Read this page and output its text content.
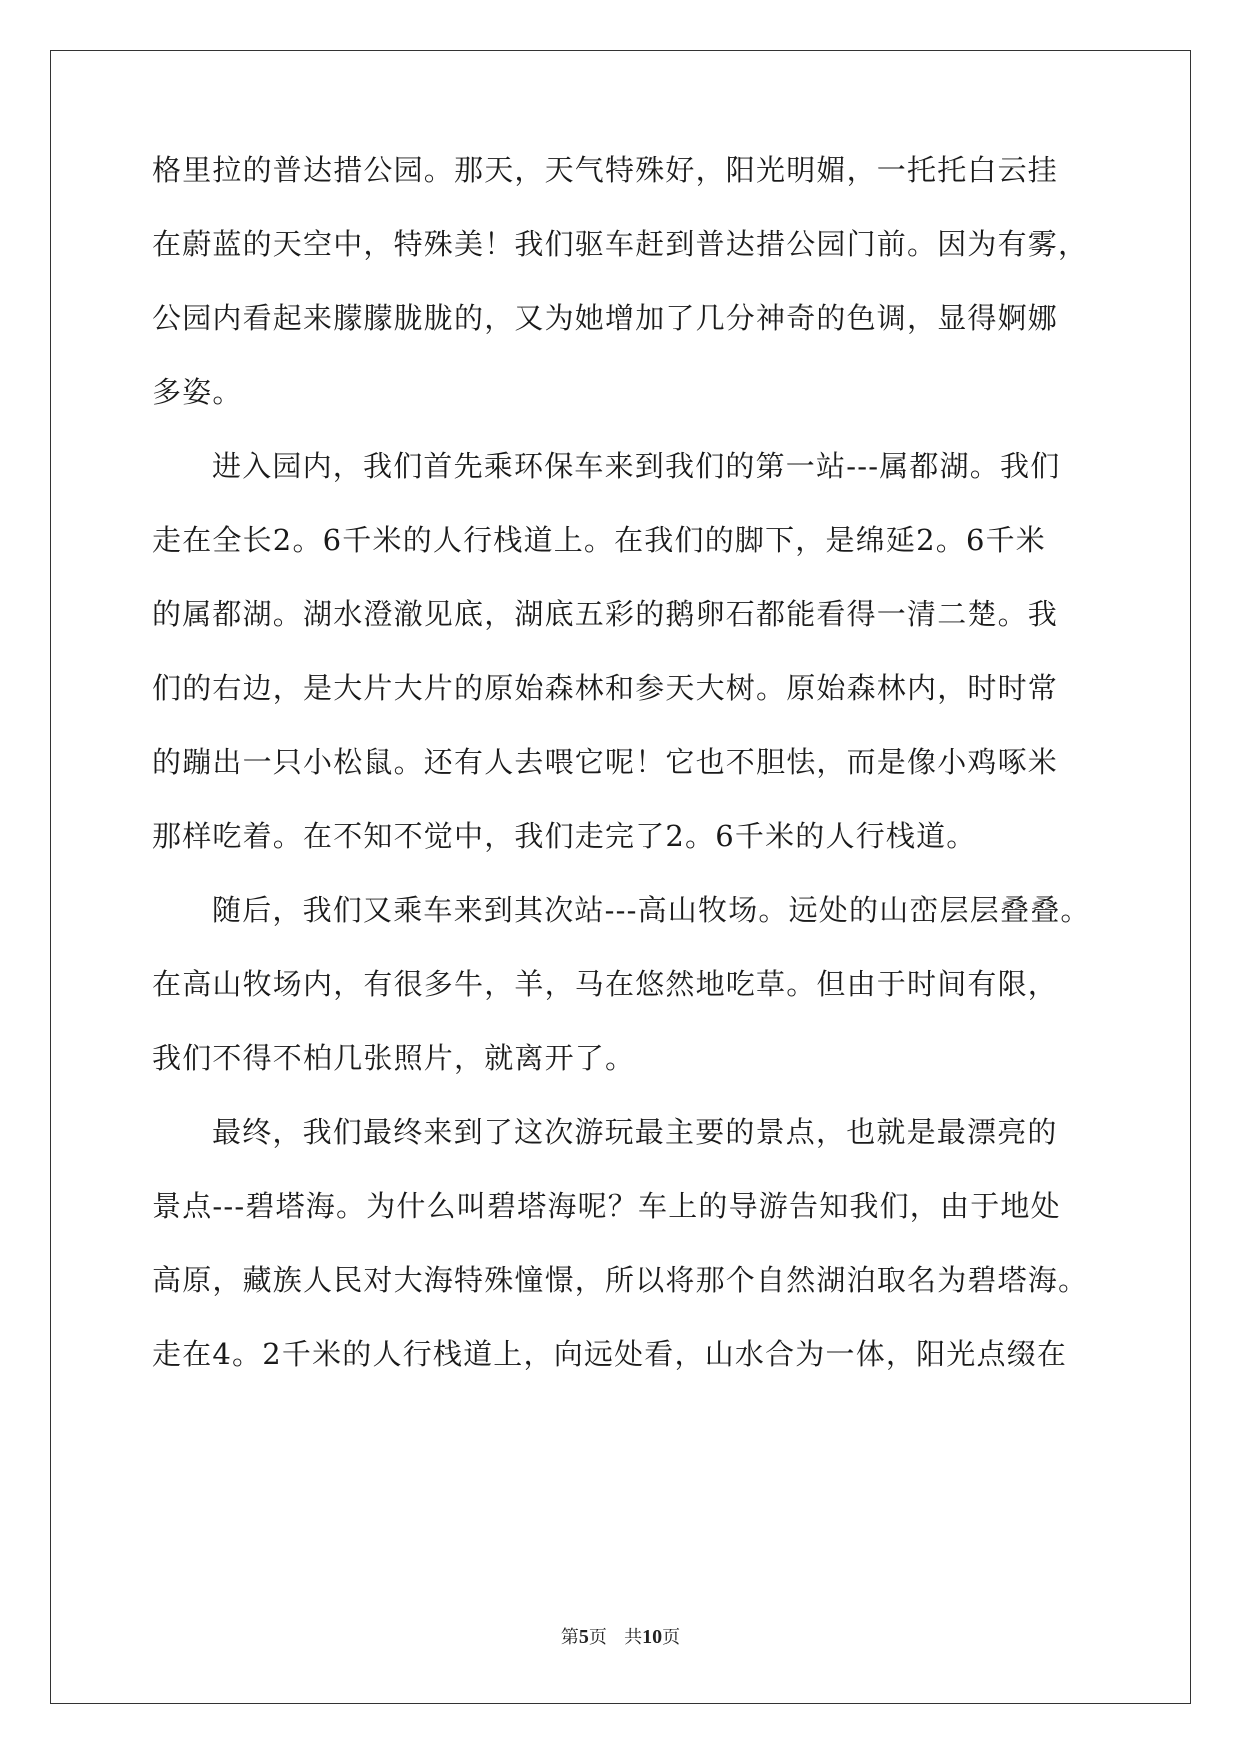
格里拉的普达措公园。那天，天气特殊好，阳光明媚，一托托白云挂
在蔚蓝的天空中，特殊美！我们驱车赶到普达措公园门前。因为有雾，
公园内看起来朦朦胧胧的，又为她增加了几分神奇的色调，显得婀娜
多姿。
进入园内，我们首先乘环保车来到我们的第一站---属都湖。我们
走在全长2。6千米的人行栈道上。在我们的脚下，是绵延2。6千米
的属都湖。湖水澄澈见底，湖底五彩的鹅卵石都能看得一清二楚。我
们的右边，是大片大片的原始森林和参天大树。原始森林内，时时常
的蹦出一只小松鼠。还有人去喂它呢！它也不胆怯，而是像小鸡啄米
那样吃着。在不知不觉中，我们走完了2。6千米的人行栈道。
随后，我们又乘车来到其次站---高山牧场。远处的山峦层层叠叠。
在高山牧场内，有很多牛，羊，马在悠然地吃草。但由于时间有限，
我们不得不柏几张照片，就离开了。
最终，我们最终来到了这次游玩最主要的景点，也就是最漂亮的
景点---碧塔海。为什么叫碧塔海呢？车上的导游告知我们，由于地处
高原，藏族人民对大海特殊憧憬，所以将那个自然湖泊取名为碧塔海。
走在4。2千米的人行栈道上，向远处看，山水合为一体，阳光点缀在
第5页 共10页
